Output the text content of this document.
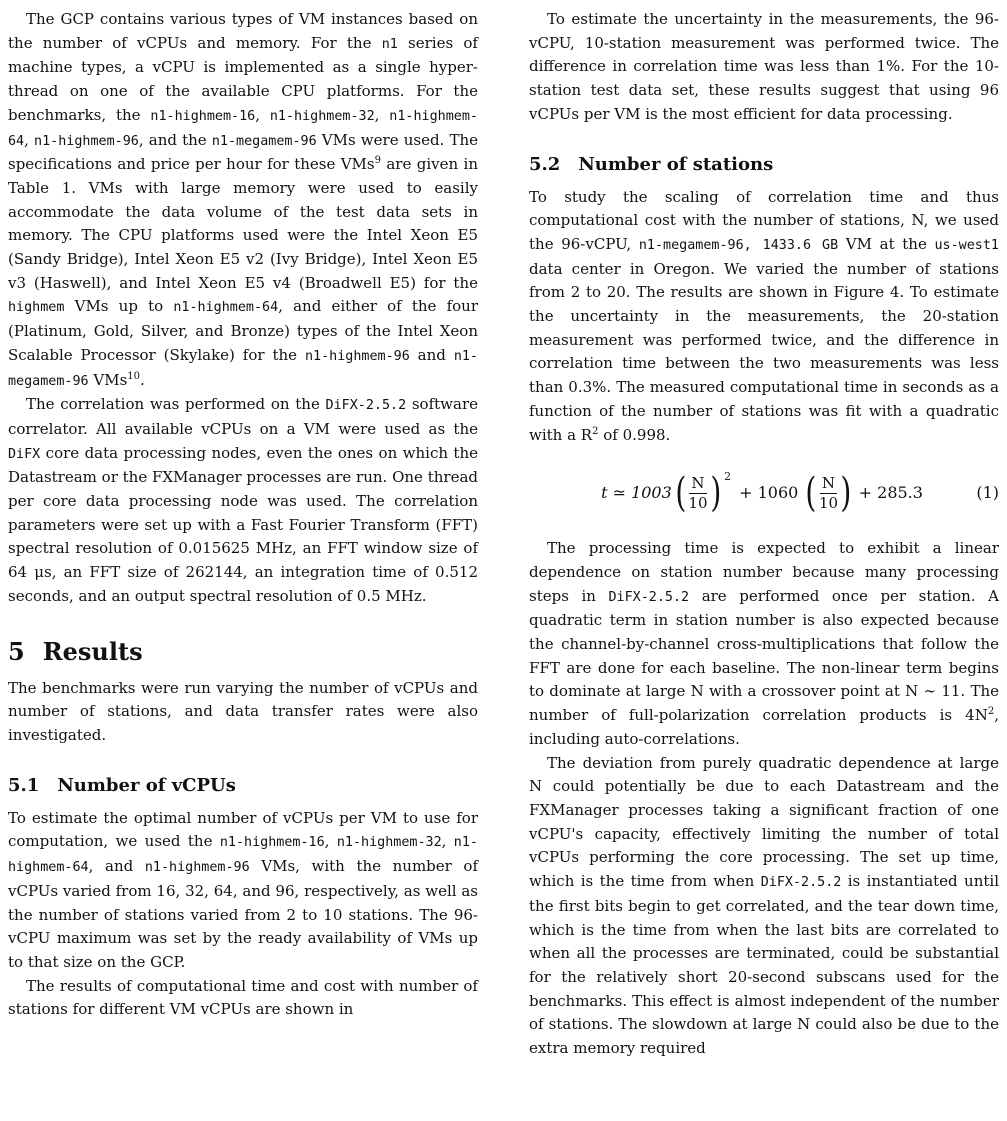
The GCP contains various types of VM instances based on the number of vCPUs and memory. For the n1 series of machine types, a vCPU is implemented as a single hyper-thread on one of the available CPU platforms. For the benchmarks, the n1-highmem-16, n1-highmem-32, n1-highmem-64, n1-highmem-96, and the n1-megamem-96 VMs were used. The specifications and price per hour for these VMs$^9$ are given in Table 1. VMs with large memory were used to easily accommodate the data volume of the test data sets in memory. The CPU platforms used were the Intel Xeon E5 (Sandy Bridge), Intel Xeon E5 v2 (Ivy Bridge), Intel Xeon E5 v3 (Haswell), and Intel Xeon E5 v4 (Broadwell E5) for the highmem VMs up to n1-highmem-64, and either of the four (Platinum, Gold, Silver, and Bronze) types of the Intel Xeon Scalable Processor (Skylake) for the n1-highmem-96 and n1-megamem-96 VMs$^{10}$.

The correlation was performed on the DiFX-2.5.2 software correlator. All available vCPUs on a VM were used as the DiFX core data processing nodes, even the ones on which the Datastream or the FXManager processes are run. One thread per core data processing node was used. The correlation parameters were set up with a Fast Fourier Transform (FFT) spectral resolution of 0.015625 MHz, an FFT window size of 64 μs, an FFT size of 262144, an integration time of 0.512 seconds, and an output spectral resolution of 0.5 MHz.

5 Results

The benchmarks were run varying the number of vCPUs and number of stations, and data transfer rates were also investigated.

5.1 Number of vCPUs

To estimate the optimal number of vCPUs per VM to use for computation, we used the n1-highmem-16, n1-highmem-32, n1-highmem-64, and n1-highmem-96 VMs, with the number of vCPUs varied from 16, 32, 64, and 96, respectively, as well as the number of stations varied from 2 to 10 stations. The 96-vCPU maximum was set by the ready availability of VMs up to that size on the GCP.

The results of computational time and cost with number of stations for different VM vCPUs are shown in

To estimate the uncertainty in the measurements, the 96-vCPU, 10-station measurement was performed twice. The difference in correlation time was less than 1%. For the 10-station test data set, these results suggest that using 96 vCPUs per VM is the most efficient for data processing.

5.2 Number of stations

To study the scaling of correlation time and thus computational cost with the number of stations, N, we used the 96-vCPU, n1-megamem-96, 1433.6 GB VM at the us-west1 data center in Oregon. We varied the number of stations from 2 to 20. The results are shown in Figure 4. To estimate the uncertainty in the measurements, the 20-station measurement was performed twice, and the difference in correlation time between the two measurements was less than 0.3%. The measured computational time in seconds as a function of the number of stations was fit with a quadratic with a $R^2$ of 0.998.

t ≃ 1003 ( $\frac{N}{10}$ ) 2
+ 1060 ( $\frac{N}{10}$ ) + 285.3	(1)

The processing time is expected to exhibit a linear dependence on station number because many processing steps in DiFX-2.5.2 are performed once per station. A quadratic term in station number is also expected because the channel-by-channel cross-multiplications that follow the FFT are done for each baseline. The non-linear term begins to dominate at large N with a crossover point at N ∼ 11. The number of full-polarization correlation products is $4N^2$, including auto-correlations.

The deviation from purely quadratic dependence at large N could potentially be due to each Datastream and the FXManager processes taking a significant fraction of one vCPU's capacity, effectively limiting the number of total vCPUs performing the core processing. The set up time, which is the time from when DiFX-2.5.2 is instantiated until the first bits begin to get correlated, and the tear down time, which is the time from when the last bits are correlated to when all the processes are terminated, could be substantial for the relatively short 20-second subscans used for the benchmarks. This effect is almost independent of the number of stations. The slowdown at large N could also be due to the extra memory required
